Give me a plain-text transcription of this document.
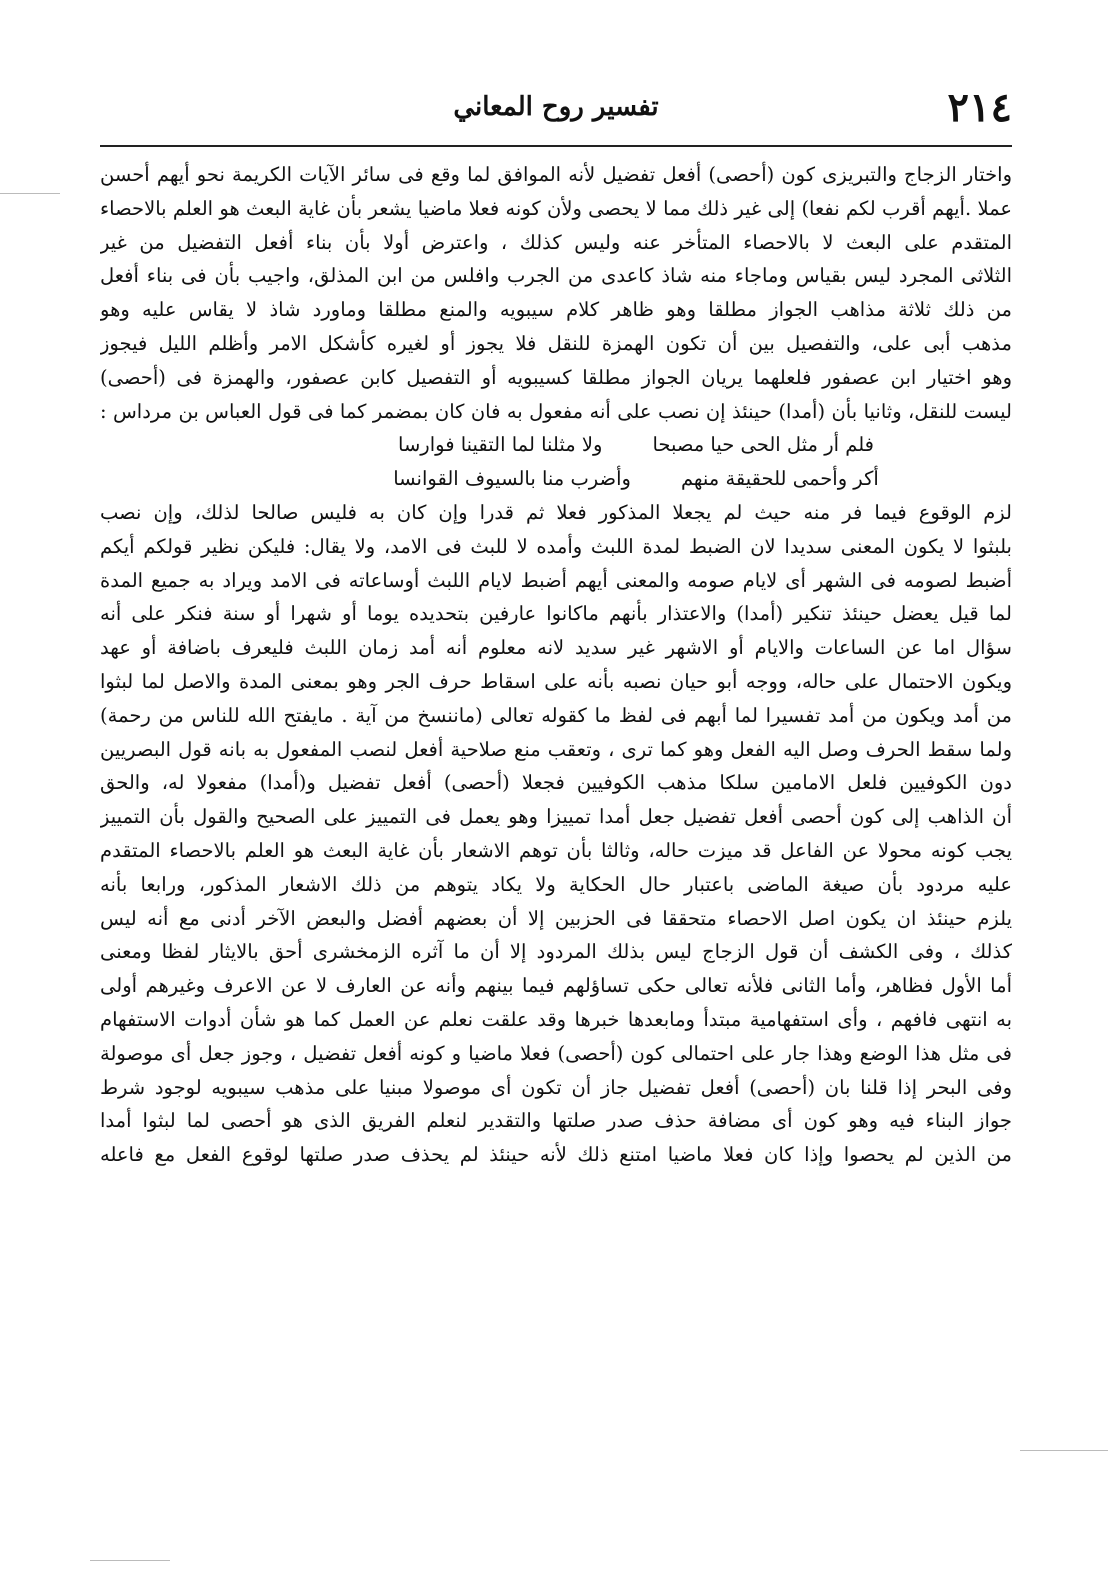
٢١٤
تفسير روح المعاني
واختار الزجاج والتبريزى كون (أحصى) أفعل تفضيل لأنه الموافق لما وقع فى سائر الآيات الكريمة نحو أيهم أحسن
عملا .أيهم أقرب لكم نفعا) إلى غير ذلك مما لا يحصى ولأن كونه فعلا ماضيا يشعر بأن غاية البعث هو العلم بالاحصاء
المتقدم على البعث لا بالاحصاء المتأخر عنه وليس كذلك ، واعترض أولا بأن بناء أفعل التفضيل من غير
الثلاثى المجرد ليس بقياس وماجاء منه شاذ كاعدى من الجرب وافلس من ابن المذلق، واجيب بأن فى بناء أفعل
من ذلك ثلاثة مذاهب الجواز مطلقا وهو ظاهر كلام سيبويه والمنع مطلقا وماورد شاذ لا يقاس عليه وهو
مذهب أبى على، والتفصيل بين أن تكون الهمزة للنقل فلا يجوز أو لغيره كأشكل الامر وأظلم الليل فيجوز
وهو اختيار ابن عصفور فلعلهما يريان الجواز مطلقا كسيبويه أو التفصيل كابن عصفور، والهمزة فى (أحصى)
ليست للنقل، وثانيا بأن (أمدا) حينئذ إن نصب على أنه مفعول به فان كان بمضمر كما فى قول العباس بن مرداس :
فلم أر مثل الحى حيا مصبحا
ولا مثلنا لما التقينا فوارسا
أكر وأحمى للحقيقة منهم
وأضرب منا بالسيوف القوانسا
لزم الوقوع فيما فر منه حيث لم يجعلا المذكور فعلا ثم قدرا وإن كان به فليس صالحا لذلك، وإن نصب
بلبثوا لا يكون المعنى سديدا لان الضبط لمدة اللبث وأمده لا للبث فى الامد، ولا يقال: فليكن نظير قولكم أيكم
أضبط لصومه فى الشهر أى لايام صومه والمعنى أيهم أضبط لايام اللبث أوساعاته فى الامد ويراد به جميع المدة
لما قيل يعضل حينئذ تنكير (أمدا) والاعتذار بأنهم ماكانوا عارفين بتحديده يوما أو شهرا أو سنة فنكر على أنه
سؤال اما عن الساعات والايام أو الاشهر غير سديد لانه معلوم أنه أمد زمان اللبث فليعرف باضافة أو عهد
ويكون الاحتمال على حاله، ووجه أبو حيان نصبه بأنه على اسقاط حرف الجر وهو بمعنى المدة والاصل لما لبثوا
من أمد ويكون من أمد تفسيرا لما أبهم فى لفظ ما كقوله تعالى (ماننسخ من آية . مايفتح الله للناس من رحمة)
ولما سقط الحرف وصل اليه الفعل وهو كما ترى ، وتعقب منع صلاحية أفعل لنصب المفعول به بانه قول البصريين
دون الكوفيين فلعل الامامين سلكا مذهب الكوفيين فجعلا (أحصى) أفعل تفضيل و(أمدا) مفعولا له، والحق
أن الذاهب إلى كون أحصى أفعل تفضيل جعل أمدا تمييزا وهو يعمل فى التمييز على الصحيح والقول بأن التمييز
يجب كونه محولا عن الفاعل قد ميزت حاله، وثالثا بأن توهم الاشعار بأن غاية البعث هو العلم بالاحصاء المتقدم
عليه مردود بأن صيغة الماضى باعتبار حال الحكاية ولا يكاد يتوهم من ذلك الاشعار المذكور، ورابعا بأنه
يلزم حينئذ ان يكون اصل الاحصاء متحققا فى الحزبين إلا أن بعضهم أفضل والبعض الآخر أدنى مع أنه ليس
كذلك ، وفى الكشف أن قول الزجاج ليس بذلك المردود إلا أن ما آثره الزمخشرى أحق بالايثار لفظا ومعنى
أما الأول فظاهر، وأما الثانى فلأنه تعالى حكى تساؤلهم فيما بينهم وأنه عن العارف لا عن الاعرف وغيرهم أولى
به انتهى فافهم ، وأى استفهامية مبتدأ ومابعدها خبرها وقد علقت نعلم عن العمل كما هو شأن أدوات الاستفهام
فى مثل هذا الوضع وهذا جار على احتمالى كون (أحصى) فعلا ماضيا و كونه أفعل تفضيل ، وجوز جعل أى موصولة
وفى البحر إذا قلنا بان (أحصى) أفعل تفضيل جاز أن تكون أى موصولا مبنيا على مذهب سيبويه لوجود شرط
جواز البناء فيه وهو كون أى مضافة حذف صدر صلتها والتقدير لنعلم الفريق الذى هو أحصى لما لبثوا أمدا
من الذين لم يحصوا وإذا كان فعلا ماضيا امتنع ذلك لأنه حينئذ لم يحذف صدر صلتها لوقوع الفعل مع فاعله
